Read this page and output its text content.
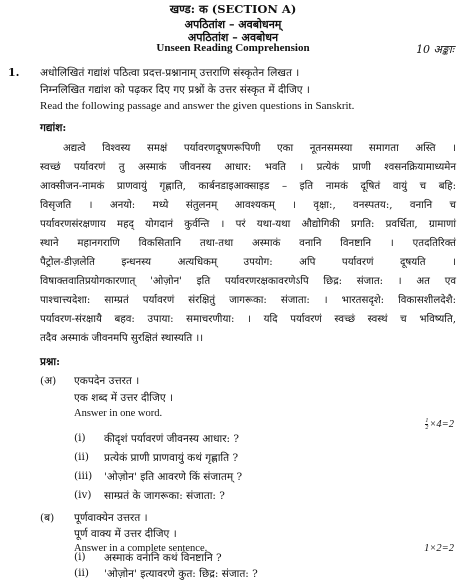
खण्ड: क (SECTION A)
अपठितांश – अवबोधनम्
अपठितांश – अवबोधन
Unseen Reading Comprehension	10 अङ्काः
1. अधोलिखितं गद्यांशं पठित्वा प्रदत्त-प्रश्नानाम् उत्तराणि संस्कृतेन लिखत ।
निम्नलिखित गद्यांश को पढ़कर दिए गए प्रश्नों के उत्तर संस्कृत में दीजिए ।
Read the following passage and answer the given questions in Sanskrit.
गद्यांश:
अद्यत्वे विश्वस्य समक्षं पर्यावरणदूषणरूपिणी एका नूतनसमस्या समागता अस्ति ।
स्वच्छं पर्यावरणं तु अस्माकं जीवनस्य आधार: भवति । प्रत्येकं प्राणी श्वसनक्रियामाध्यमेन
आक्सीजन-नामकं प्राणवायुं गृह्णाति, कार्बनडाइआक्साइड – इति नामकं दूषितं वायुं च बहि:
विसृजति । अनयो: मध्ये संतुलनम् आवश्यकम् । वृक्षा:, वनस्पतय:, वनानि च
पर्यावरणसंरक्षणाय महद् योगदानं कुर्वन्ति । परं यथा-यथा औद्योगिकी प्रगति: प्रवर्धिता, ग्रामाणां
स्थाने महानगराणि विकसितानि तथा-तथा अस्माकं वनानि विनष्टानि । एतदतिरिक्तं
पैट्रोल-डीज़लेति इन्धनस्य अत्यधिकम् उपयोग: अपि पर्यावरणं दूषयति ।
विषाक्तवातिप्रयोगकारणात् 'ओज़ोन' इति पर्यावरणरक्षकावरणेऽपि छिद्र: संजात: । अत एव
पाश्चात्त्यदेशा: साम्प्रतं पर्यावरणं संरक्षितुं जागरूका: संजाता: । भारतसदृशे: विकासशीलदेशै:
पर्यावरण-संरक्षायै बहव: उपाया: समाचरणीया: । यदि पर्यावरणं स्वच्छं स्वस्थं च भविष्यति,
तदैव अस्माकं जीवनमपि सुरक्षितं स्थास्यति ।।
प्रश्ना:
(अ) एकपदेन उत्तरत ।
एक शब्द में उत्तर दीजिए ।
Answer in one word.
$\frac{1}{2} \times 4=2$
(i) कीदृशं पर्यावरणं जीवनस्य आधार: ?
(ii) प्रत्येकं प्राणी प्राणवायुं कथं गृह्णाति ?
(iii) 'ओज़ोन' इति आवरणे किं संजातम् ?
(iv) साम्प्रतं के जागरूका: संजाता: ?
(ब) पूर्णवाक्येन उत्तरत ।
पूर्ण वाक्य में उत्तर दीजिए ।
Answer in a complete sentence.	1×2=2
(i) अस्माकं वनानि कथं विनष्टानि ?
(ii) 'ओज़ोन' इत्यावरणे कुत: छिद्र: संजात: ?
